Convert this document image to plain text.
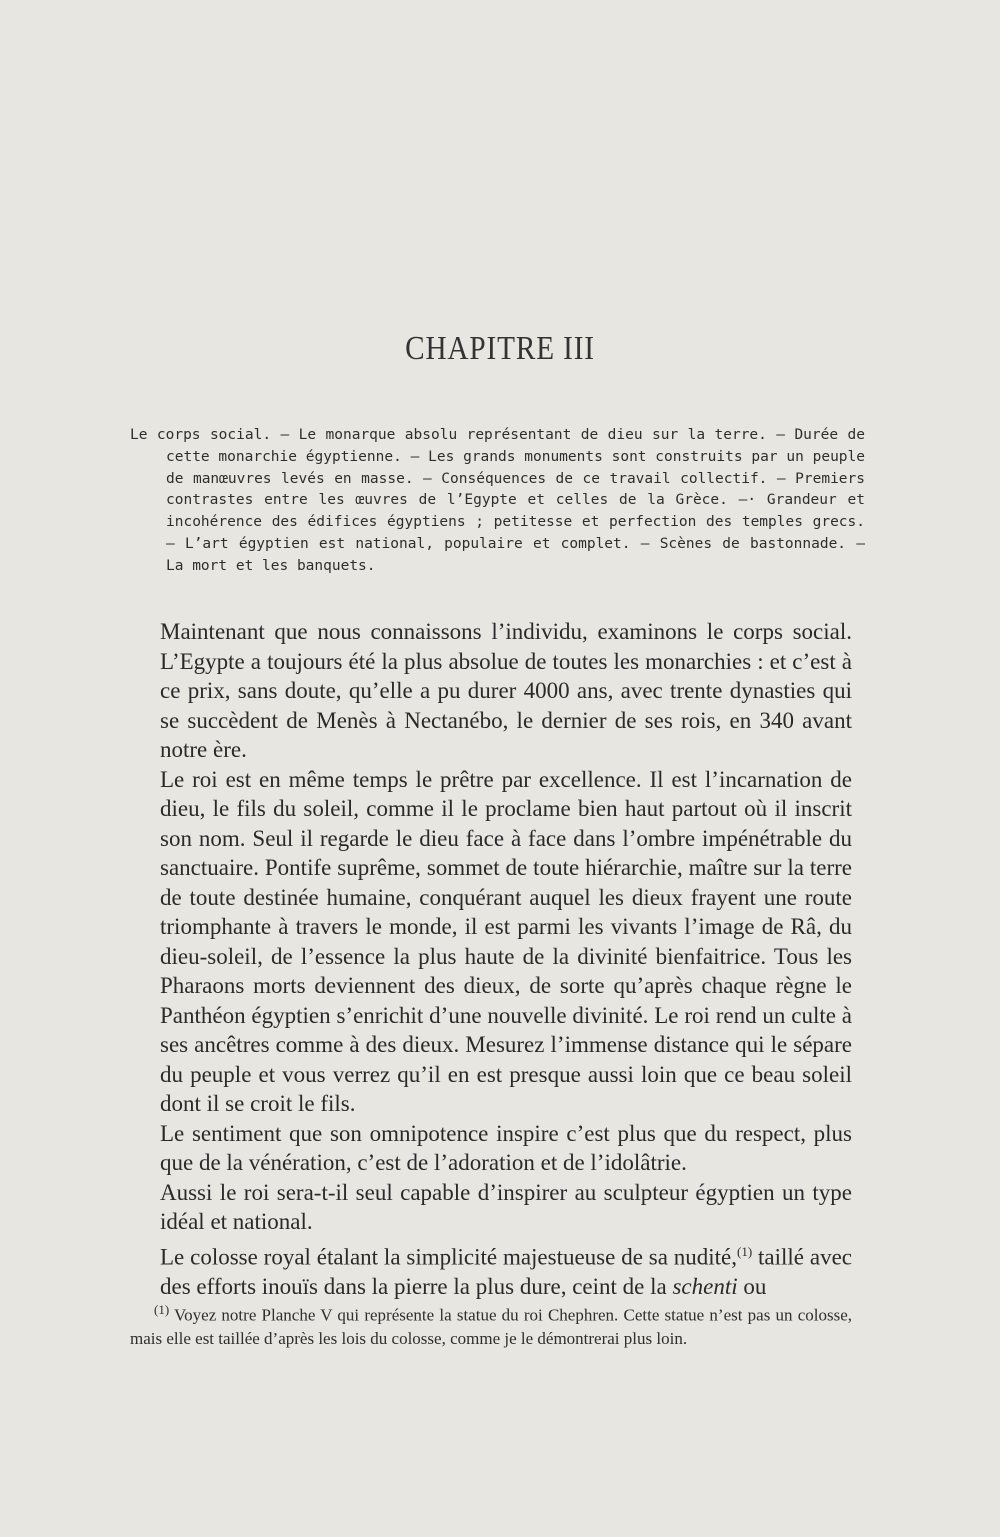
CHAPITRE III
Le corps social. — Le monarque absolu représentant de dieu sur la terre. — Durée de cette monarchie égyptienne. — Les grands monuments sont construits par un peuple de manœuvres levés en masse. — Conséquences de ce travail collectif. — Premiers contrastes entre les œuvres de l’Egypte et celles de la Grèce. —· Grandeur et incohérence des édifices égyptiens ; petitesse et perfection des temples grecs. — L’art égyptien est national, populaire et complet. — Scènes de bastonnade. — La mort et les banquets.

Maintenant que nous connaissons l’individu, examinons le corps social. L’Egypte a toujours été la plus absolue de toutes les monarchies : et c’est à ce prix, sans doute, qu’elle a pu durer 4000 ans, avec trente dynasties qui se succèdent de Menès à Nectanébo, le dernier de ses rois, en 340 avant notre ère.

Le roi est en même temps le prêtre par excellence. Il est l’incarnation de dieu, le fils du soleil, comme il le proclame bien haut partout où il inscrit son nom. Seul il regarde le dieu face à face dans l’ombre impénétrable du sanctuaire. Pontife suprême, sommet de toute hiérarchie, maître sur la terre de toute destinée humaine, conquérant auquel les dieux frayent une route triomphante à travers le monde, il est parmi les vivants l’image de Râ, du dieu-soleil, de l’essence la plus haute de la divinité bienfaitrice. Tous les Pharaons morts deviennent des dieux, de sorte qu’après chaque règne le Panthéon égyptien s’enrichit d’une nouvelle divinité. Le roi rend un culte à ses ancêtres comme à des dieux. Mesurez l’immense distance qui le sépare du peuple et vous verrez qu’il en est presque aussi loin que ce beau soleil dont il se croit le fils.

Le sentiment que son omnipotence inspire c’est plus que du respect, plus que de la vénération, c’est de l’adoration et de l’idolâtrie.

Aussi le roi sera-t-il seul capable d’inspirer au sculpteur égyptien un type idéal et national.

Le colosse royal étalant la simplicité majestueuse de sa nudité,$^{(1)}$ taillé avec des efforts inouïs dans la pierre la plus dure, ceint de la schenti ou

$^{(1)}$ Voyez notre Planche V qui représente la statue du roi Chephren. Cette statue n’est pas un colosse, mais elle est taillée d’après les lois du colosse, comme je le démontrerai plus loin.
